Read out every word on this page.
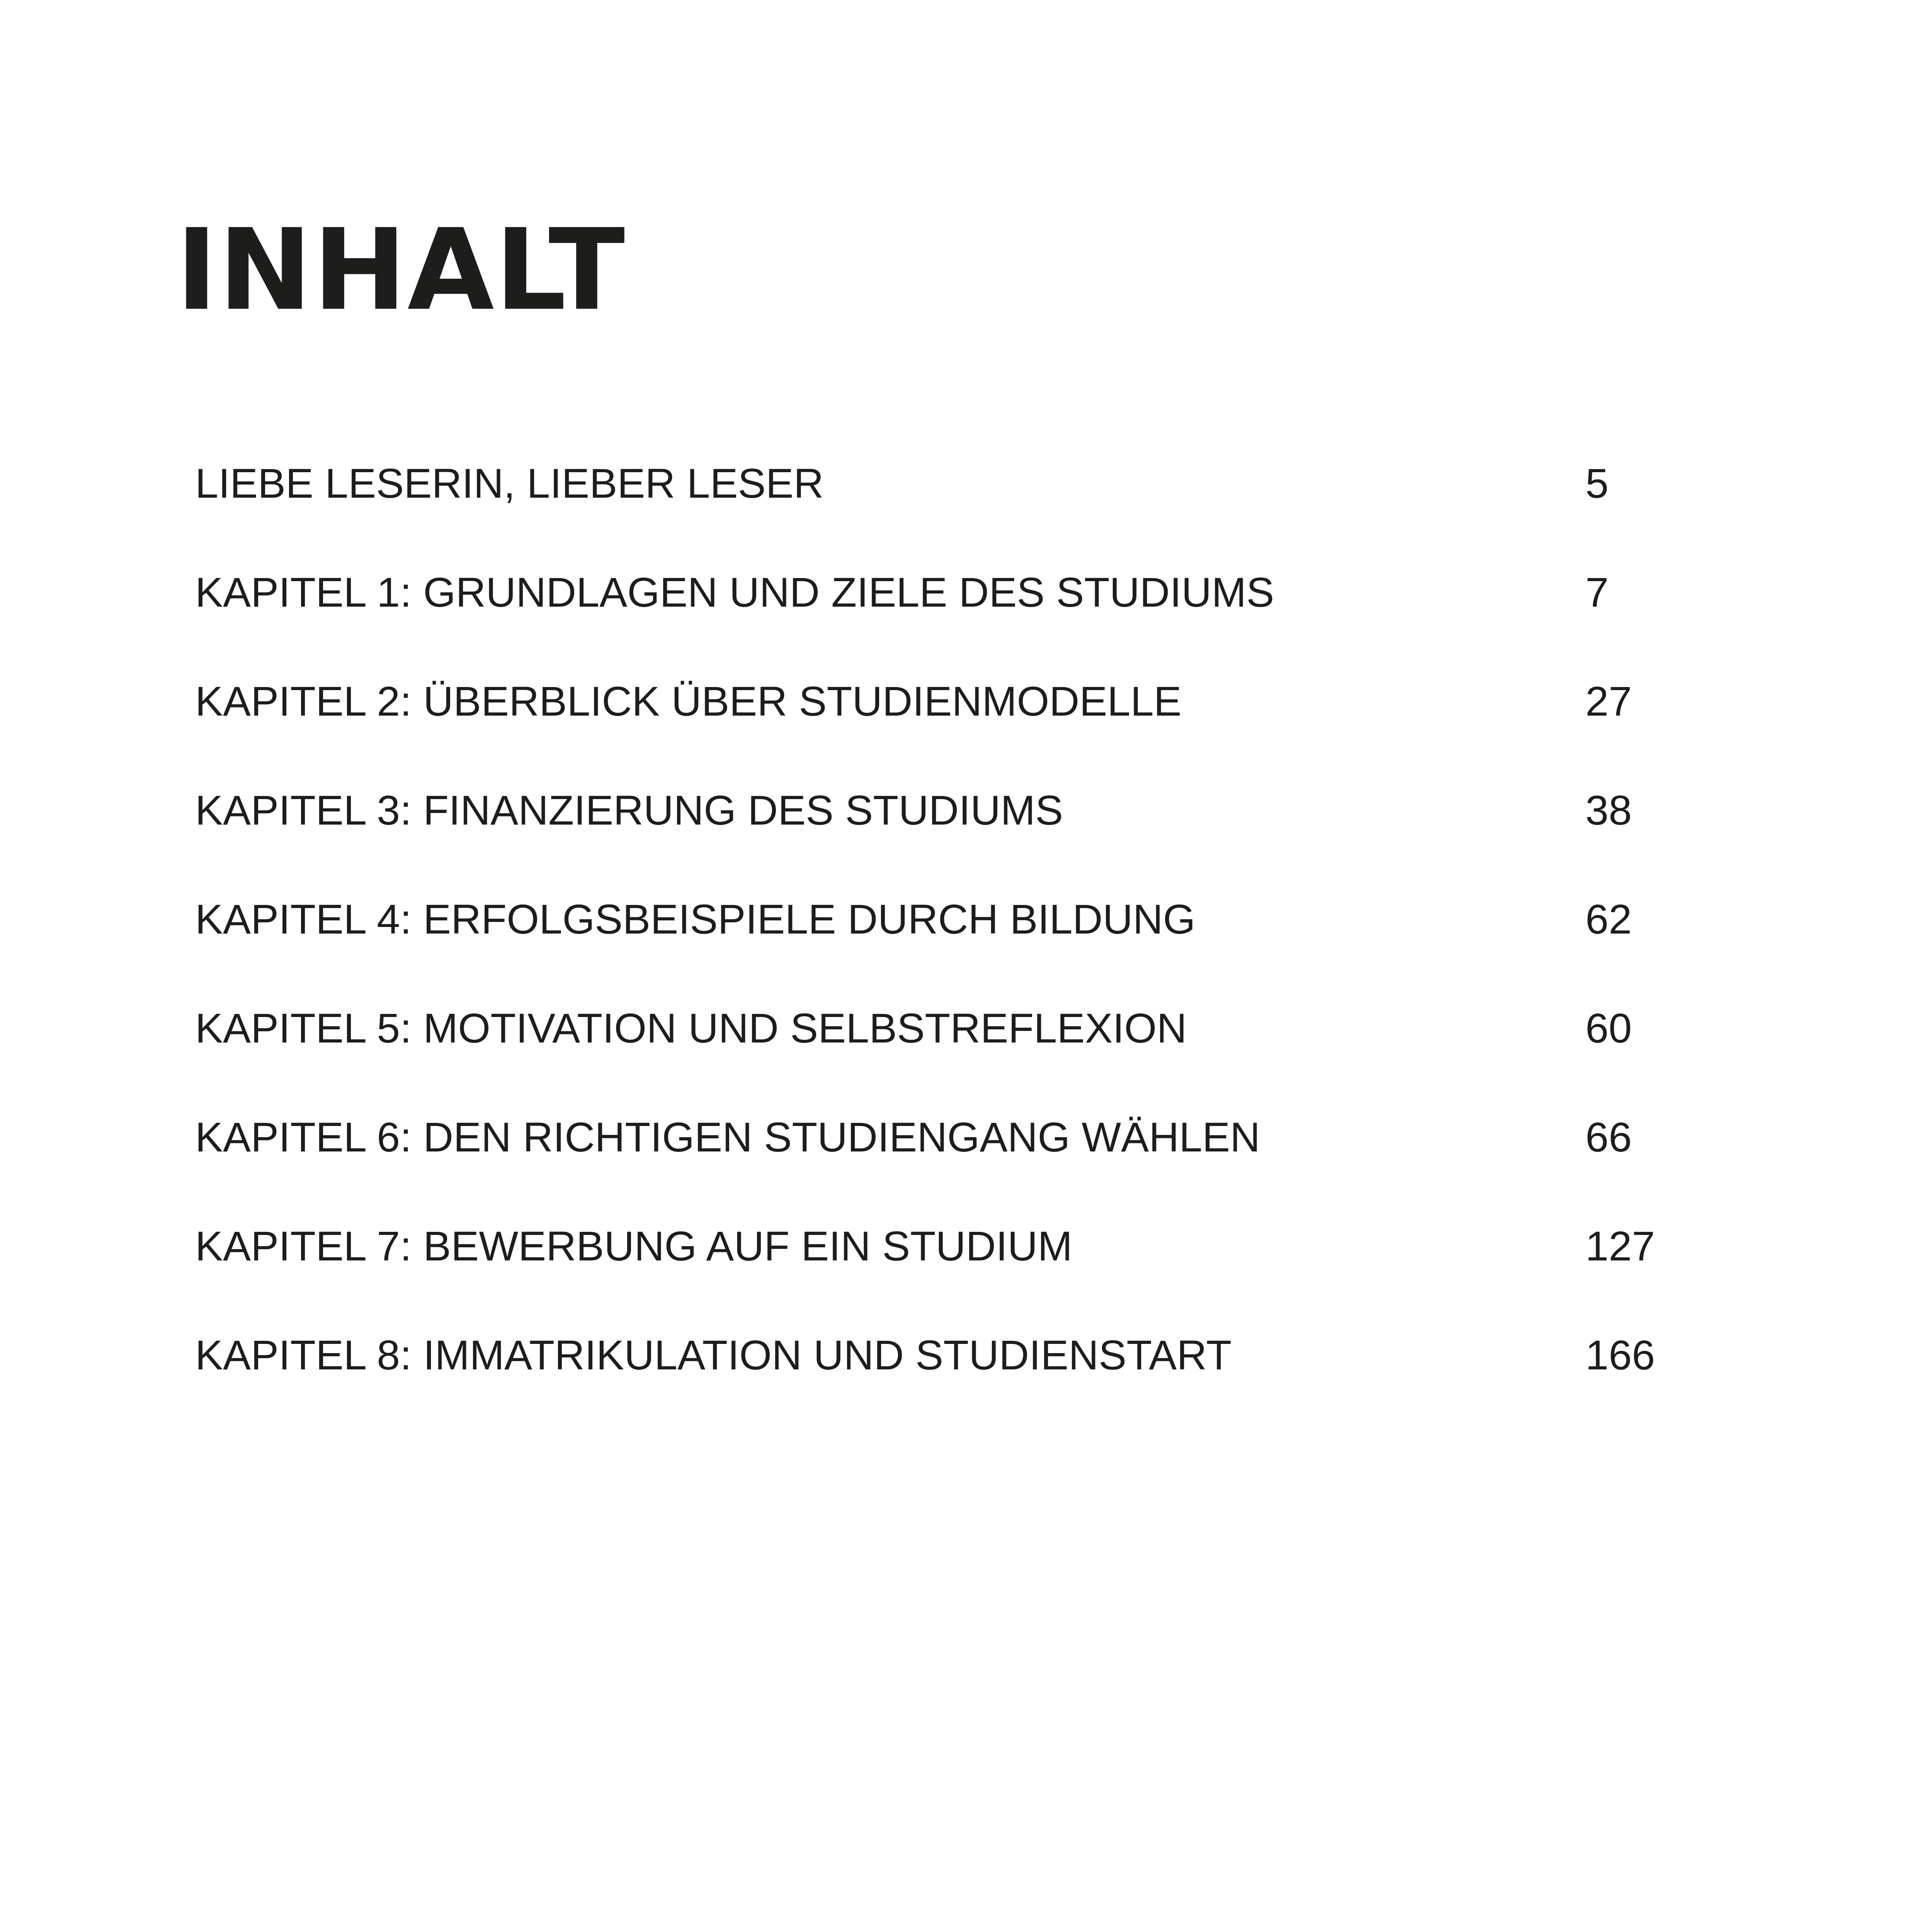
INHALT
LIEBE LESERIN, LIEBER LESER	5
KAPITEL 1: GRUNDLAGEN UND ZIELE DES STUDIUMS	7
KAPITEL 2: ÜBERBLICK ÜBER STUDIENMODELLE	27
KAPITEL 3: FINANZIERUNG DES STUDIUMS	38
KAPITEL 4: ERFOLGSBEISPIELE DURCH BILDUNG	62
KAPITEL 5: MOTIVATION UND SELBSTREFLEXION	60
KAPITEL 6: DEN RICHTIGEN STUDIENGANG WÄHLEN	66
KAPITEL 7: BEWERBUNG AUF EIN STUDIUM	127
KAPITEL 8: IMMATRIKULATION UND STUDIENSTART	166
